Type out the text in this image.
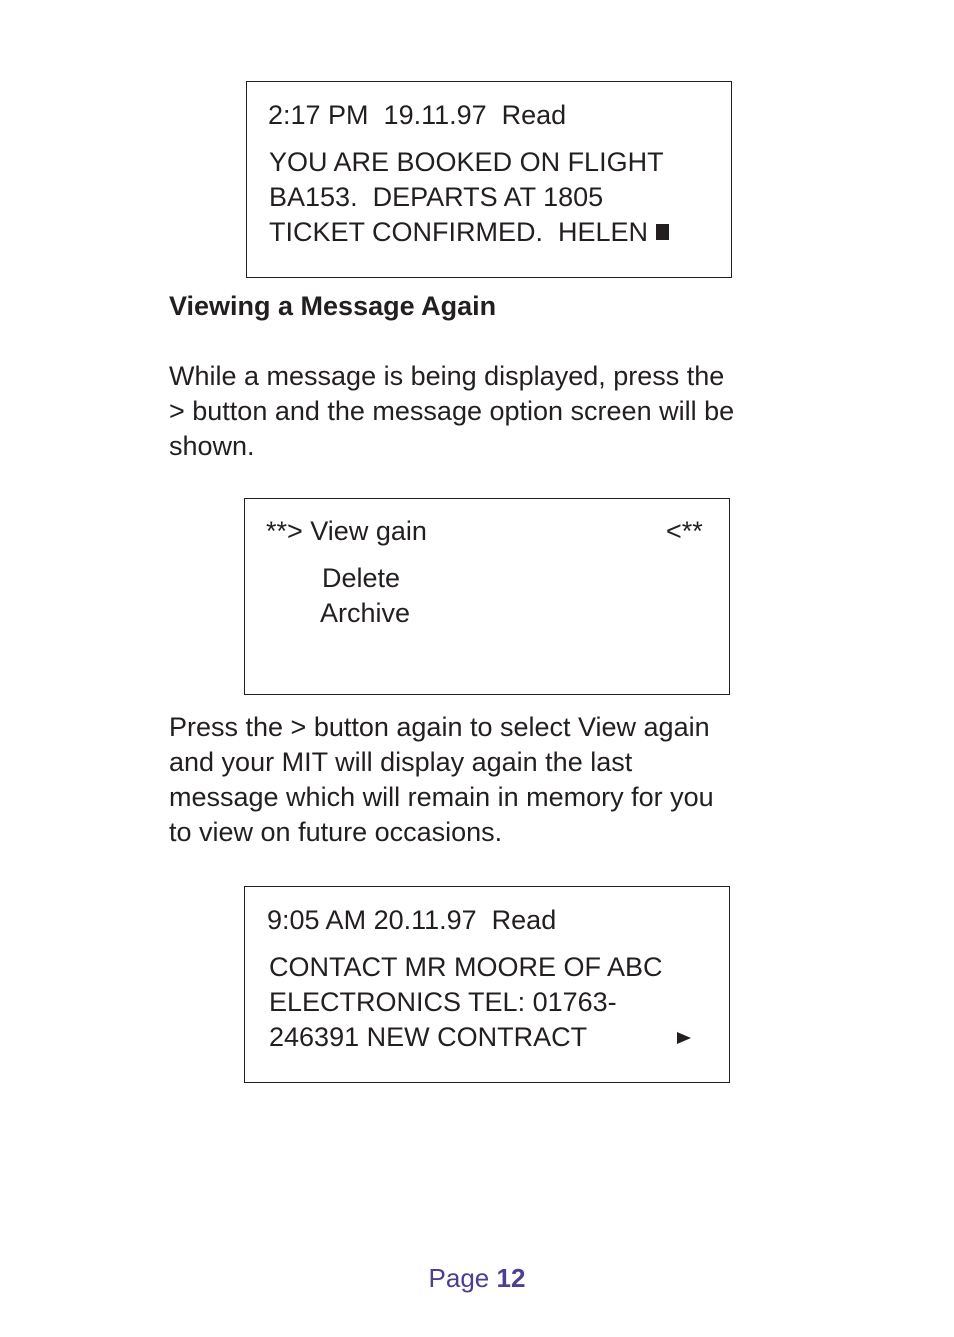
2:17 PM  19.11.97  Read
YOU ARE BOOKED ON FLIGHT
BA153.  DEPARTS AT 1805
TICKET CONFIRMED.  HELEN
Viewing a Message Again
While a message is being displayed, press the
> button and the message option screen will be
shown.
**> View gain	<**
Delete
Archive
Press the > button again to select View again
and your MIT will display again the last
message which will remain in memory for you
to view on future occasions.
9:05 AM 20.11.97  Read
CONTACT MR MOORE OF ABC
ELECTRONICS TEL: 01763-
246391 NEW CONTRACT
Page 12
